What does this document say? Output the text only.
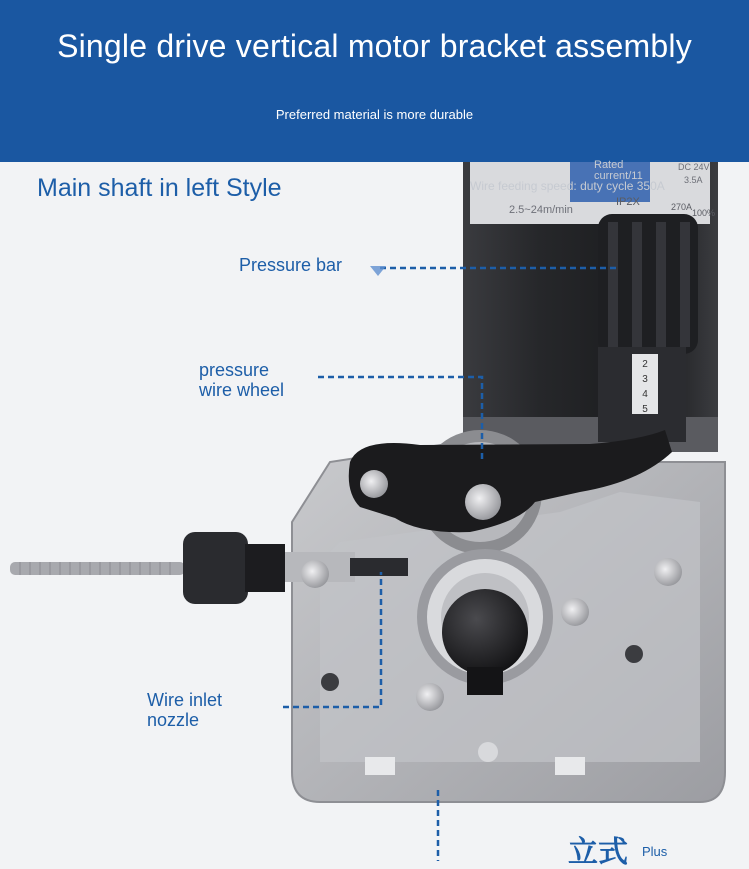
Single drive vertical motor bracket assembly
Preferred material is more durable
2
3
4
5
Rated current/11
Wire feeding speed: duty cycle 350A
2.5~24m/min
DC 24V
3.5A
IP2X	270A
100%
Main shaft in left Style
Pressure bar
pressure
wire wheel
Wire inlet
nozzle
立式 Plus
